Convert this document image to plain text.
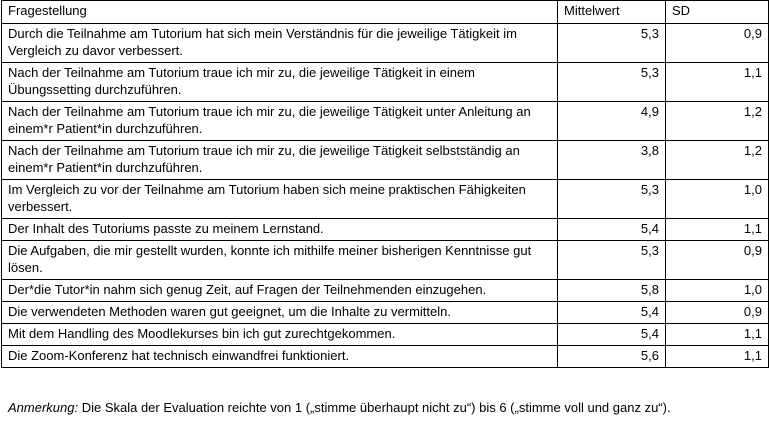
Fragestellung	Mittelwert	SD
Durch die Teilnahme am Tutorium hat sich mein Verständnis für die jeweilige Tätigkeit im Vergleich zu davor verbessert.	5,3	0,9
Nach der Teilnahme am Tutorium traue ich mir zu, die jeweilige Tätigkeit in einem Übungssetting durchzuführen.	5,3	1,1
Nach der Teilnahme am Tutorium traue ich mir zu, die jeweilige Tätigkeit unter Anleitung an einem*r Patient*in durchzuführen.	4,9	1,2
Nach der Teilnahme am Tutorium traue ich mir zu, die jeweilige Tätigkeit selbstständig an einem*r Patient*in durchzuführen.	3,8	1,2
Im Vergleich zu vor der Teilnahme am Tutorium haben sich meine praktischen Fähigkeiten verbessert.	5,3	1,0
Der Inhalt des Tutoriums passte zu meinem Lernstand.	5,4	1,1
Die Aufgaben, die mir gestellt wurden, konnte ich mithilfe meiner bisherigen Kenntnisse gut lösen.	5,3	0,9
Der*die Tutor*in nahm sich genug Zeit, auf Fragen der Teilnehmenden einzugehen.	5,8	1,0
Die verwendeten Methoden waren gut geeignet, um die Inhalte zu vermitteln.	5,4	0,9
Mit dem Handling des Moodlekurses bin ich gut zurechtgekommen.	5,4	1,1
Die Zoom-Konferenz hat technisch einwandfrei funktioniert.	5,6	1,1
Anmerkung: Die Skala der Evaluation reichte von 1 („stimme überhaupt nicht zu“) bis 6 („stimme voll und ganz zu“).
